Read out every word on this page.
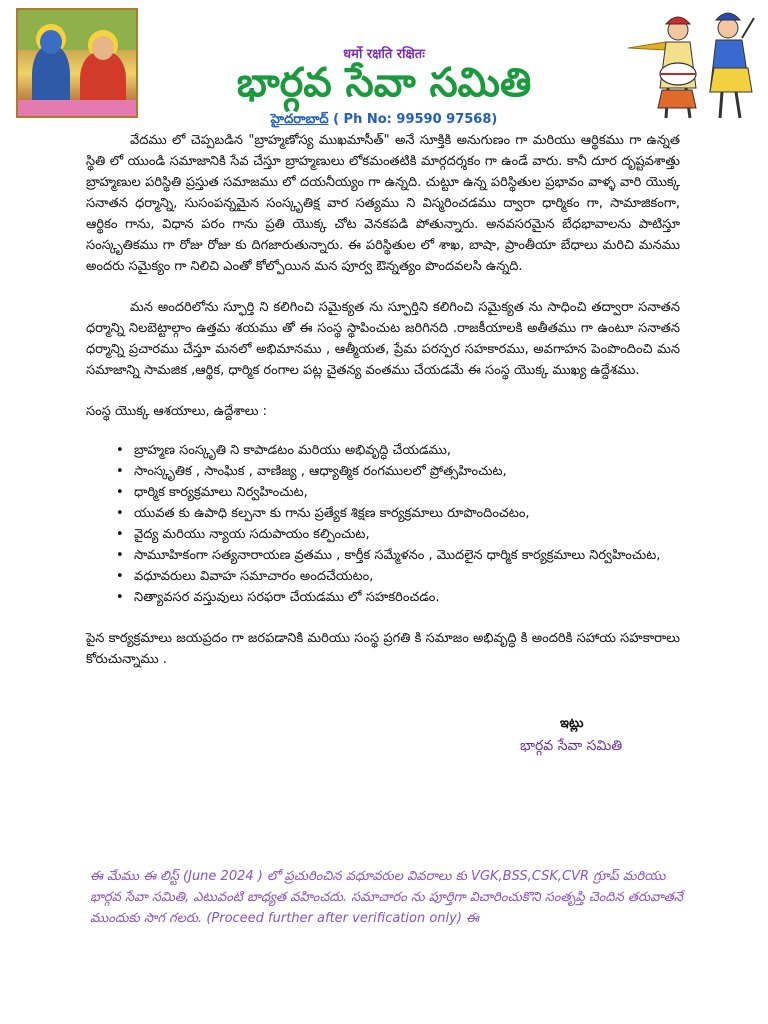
धर्मो रक्षति रक्षितः
భార్గవ సేవా సమితి
హైదరాబాద్ ( Ph No: 99590 97568)

వేదము లో చెప్పబడిన "బ్రాహ్మణోస్య ముఖమాసీత్" అనే సూక్తికి అనుగుణం గా మరియు ఆర్థికము గా ఉన్నత స్థితి లో యుండి సమాజానికి సేవ చేస్తూ బ్రాహ్మణులు లోకమంతటికి మార్గదర్శకం గా ఉండే వారు. కానీ దూర దృష్టవశాత్తు బ్రాహ్మణుల పరిస్థితి ప్రస్తుత సమాజము లో దయనీయ్యం గా ఉన్నది. చుట్టూ ఉన్న పరిస్థితుల ప్రభావం వాళ్ళ వారి యొక్క సనాతన ధర్మాన్ని, సుసంపన్నమైన సంస్కృతిక్ష వార సత్యము ని విస్మరించడము ద్వారా ధార్మికం గా, సామాజికంగా, ఆర్థికం గాను, విధాన పరం గాను ప్రతి యొక్క చోట వెనకపడి పోతున్నారు. అనవసరమైన బేధభావాలను పాటిస్తూ సంస్కృతికము గా రోజు రోజు కు దిగజారుతున్నారు. ఈ పరిస్థితుల లో శాఖ, బాషా, ప్రాంతీయా బేధాలు మరిచి మనము అందరు సమైక్యం గా నిలిచి ఎంతో కోల్పోయిన మన పూర్వ ఔన్నత్యం పొందవలసి ఉన్నది.

మన అందరిలోను స్ఫూర్తి ని కలిగించి సమైక్యత ను స్ఫూర్తిని కలిగించి సమైక్యత ను సాధించి తద్వారా సనాతన ధర్మాన్ని నిలబెట్టాల్గాం ఉత్తమ శయము తో ఈ సంస్థ స్థాపించుట జరిగినది .రాజకీయాలకి అతీతము గా ఉంటూ సనాతన ధర్మాన్ని ప్రచారము చేస్తూ మనలో అభిమానము , ఆత్మీయత, ప్రేమ పరస్పర సహకారము, అవగాహన పెంపొందించి మన సమాజాన్ని సామజిక ,ఆర్థిక, ధార్మిక రంగాల పట్ల చైతన్య వంతము చేయడమే ఈ సంస్థ యొక్క ముఖ్య ఉద్దేశము.

సంస్థ యొక్క ఆశయాలు, ఉద్దేశాలు :

• బ్రాహ్మణ సంస్కృతి ని కాపాడటం మరియు అభివృద్ధి చేయడము,
• సాంస్కృతిక , సాంఘిక , వాణిజ్య , ఆధ్యాత్మిక రంగములలో ప్రోత్సహించుట,
• ధార్మిక కార్యక్రమాలు నిర్వహించుట,
• యువత కు ఉపాధి కల్పనా కు గాను ప్రత్యేక శిక్షణ కార్యక్రమాలు రూపొందించటం,
• వైద్య మరియు న్యాయ సదుపాయం కల్పించుట,
• సామూహికంగా సత్యనారాయణ వ్రతము , కార్తీక సమ్మేళనం , మొదలైన ధార్మిక కార్యక్రమాలు నిర్వహించుట,
• వధూవరులు వివాహ సమాచారం అందచేయటం,
• నిత్యావసర వస్తువులు సరఫరా చేయడము లో సహకరించడం.

పైన కార్యక్రమాలు జయప్రదం గా జరపడానికి మరియు సంస్థ ప్రగతి కి సమాజం అభివృద్ధి కి అందరికి సహాయ సహకారాలు కోరుచున్నాము .

ఇట్లు
భార్గవ సేవా సమితి
ఈ మేము ఈ లిస్ట్ (June 2024 ) లో ప్రచురించిన వధూవరుల వివరాలు కు VGK,BSS,CSK,CVR గ్రూప్ మరియు భార్గవ సేవా సమితి, ఎటువంటి బాధ్యత వహించదు. సమాచారం ను పూర్తిగా విచారించుకొని సంతృప్తి చెందిన తరువాతనే ముందుకు సాగ గలరు. (Proceed further after verification only) ఈ
